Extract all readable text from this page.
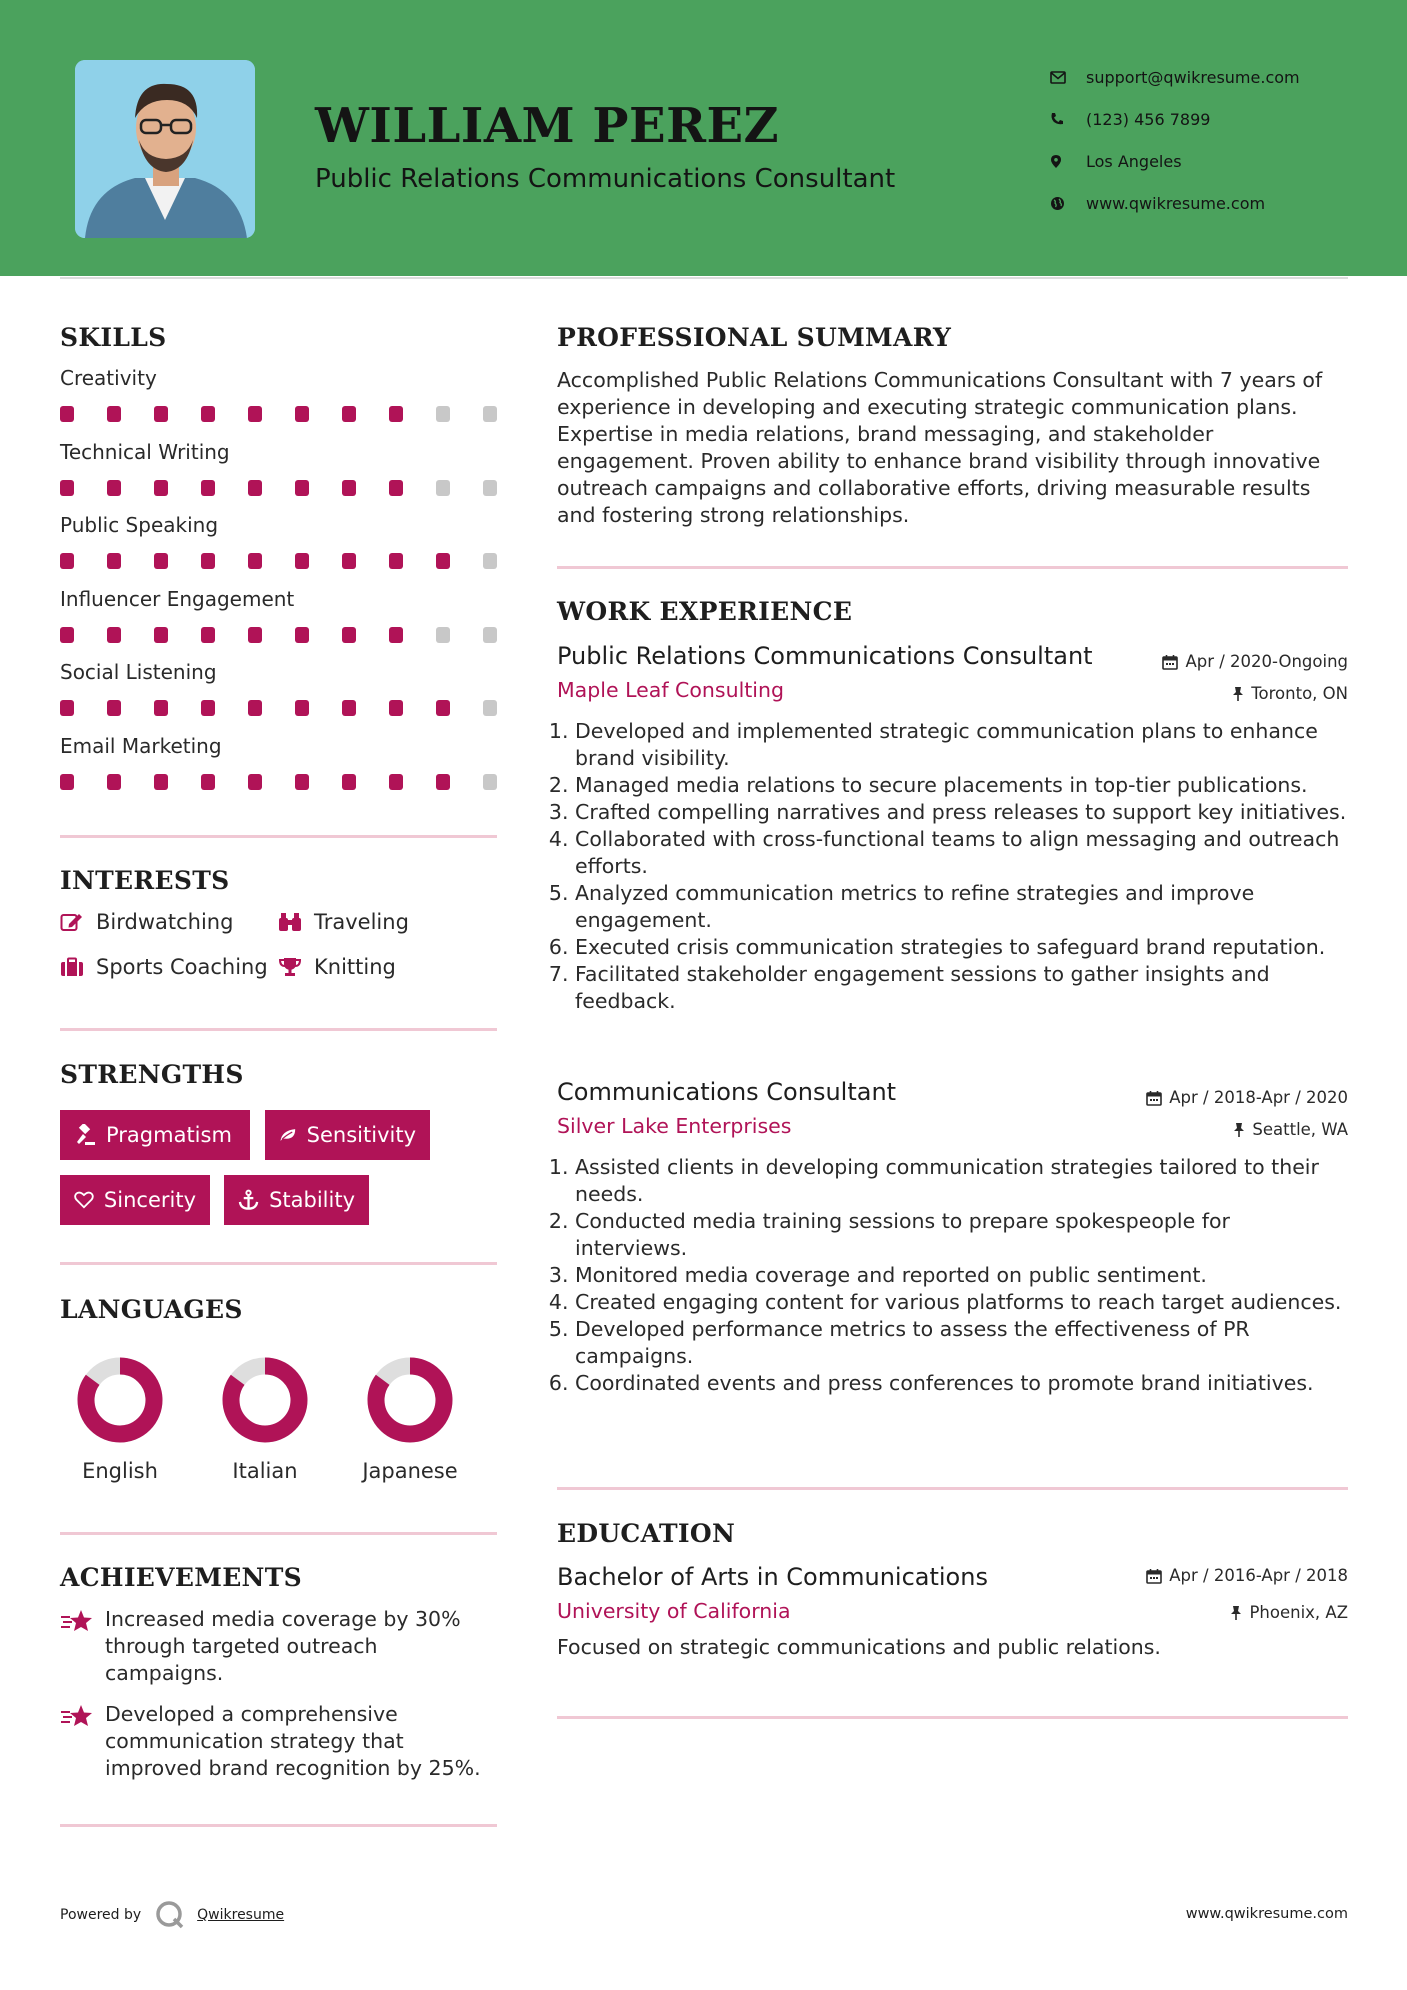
WILLIAM PEREZ
Public Relations Communications Consultant
support@qwikresume.com
(123) 456 7899
Los Angeles
www.qwikresume.com
SKILLS
Creativity
Technical Writing
Public Speaking
Influencer Engagement
Social Listening
Email Marketing
INTERESTS
Birdwatching	Traveling
Sports Coaching Knitting
STRENGTHS
Pragmatism	Sensitivity
Sincerity	Stability
LANGUAGES
English	Italian	Japanese
ACHIEVEMENTS
Increased media coverage by 30% through targeted outreach campaigns.
Developed a comprehensive communication strategy that improved brand recognition by 25%.
PROFESSIONAL SUMMARY
Accomplished Public Relations Communications Consultant with 7 years of experience in developing and executing strategic communication plans. Expertise in media relations, brand messaging, and stakeholder engagement. Proven ability to enhance brand visibility through innovative outreach campaigns and collaborative efforts, driving measurable results and fostering strong relationships.
WORK EXPERIENCE
Public Relations Communications Consultant	Apr / 2020-Ongoing
Maple Leaf Consulting	Toronto, ON
1. Developed and implemented strategic communication plans to enhance brand visibility.
2. Managed media relations to secure placements in top-tier publications.
3. Crafted compelling narratives and press releases to support key initiatives.
4. Collaborated with cross-functional teams to align messaging and outreach efforts.
5. Analyzed communication metrics to refine strategies and improve engagement.
6. Executed crisis communication strategies to safeguard brand reputation.
7. Facilitated stakeholder engagement sessions to gather insights and feedback.
Communications Consultant	Apr / 2018-Apr / 2020
Silver Lake Enterprises	Seattle, WA
1. Assisted clients in developing communication strategies tailored to their needs.
2. Conducted media training sessions to prepare spokespeople for interviews.
3. Monitored media coverage and reported on public sentiment.
4. Created engaging content for various platforms to reach target audiences.
5. Developed performance metrics to assess the effectiveness of PR campaigns.
6. Coordinated events and press conferences to promote brand initiatives.
EDUCATION
Bachelor of Arts in Communications	Apr / 2016-Apr / 2018
University of California	Phoenix, AZ
Focused on strategic communications and public relations.
Powered by	Qwikresume	www.qwikresume.com
